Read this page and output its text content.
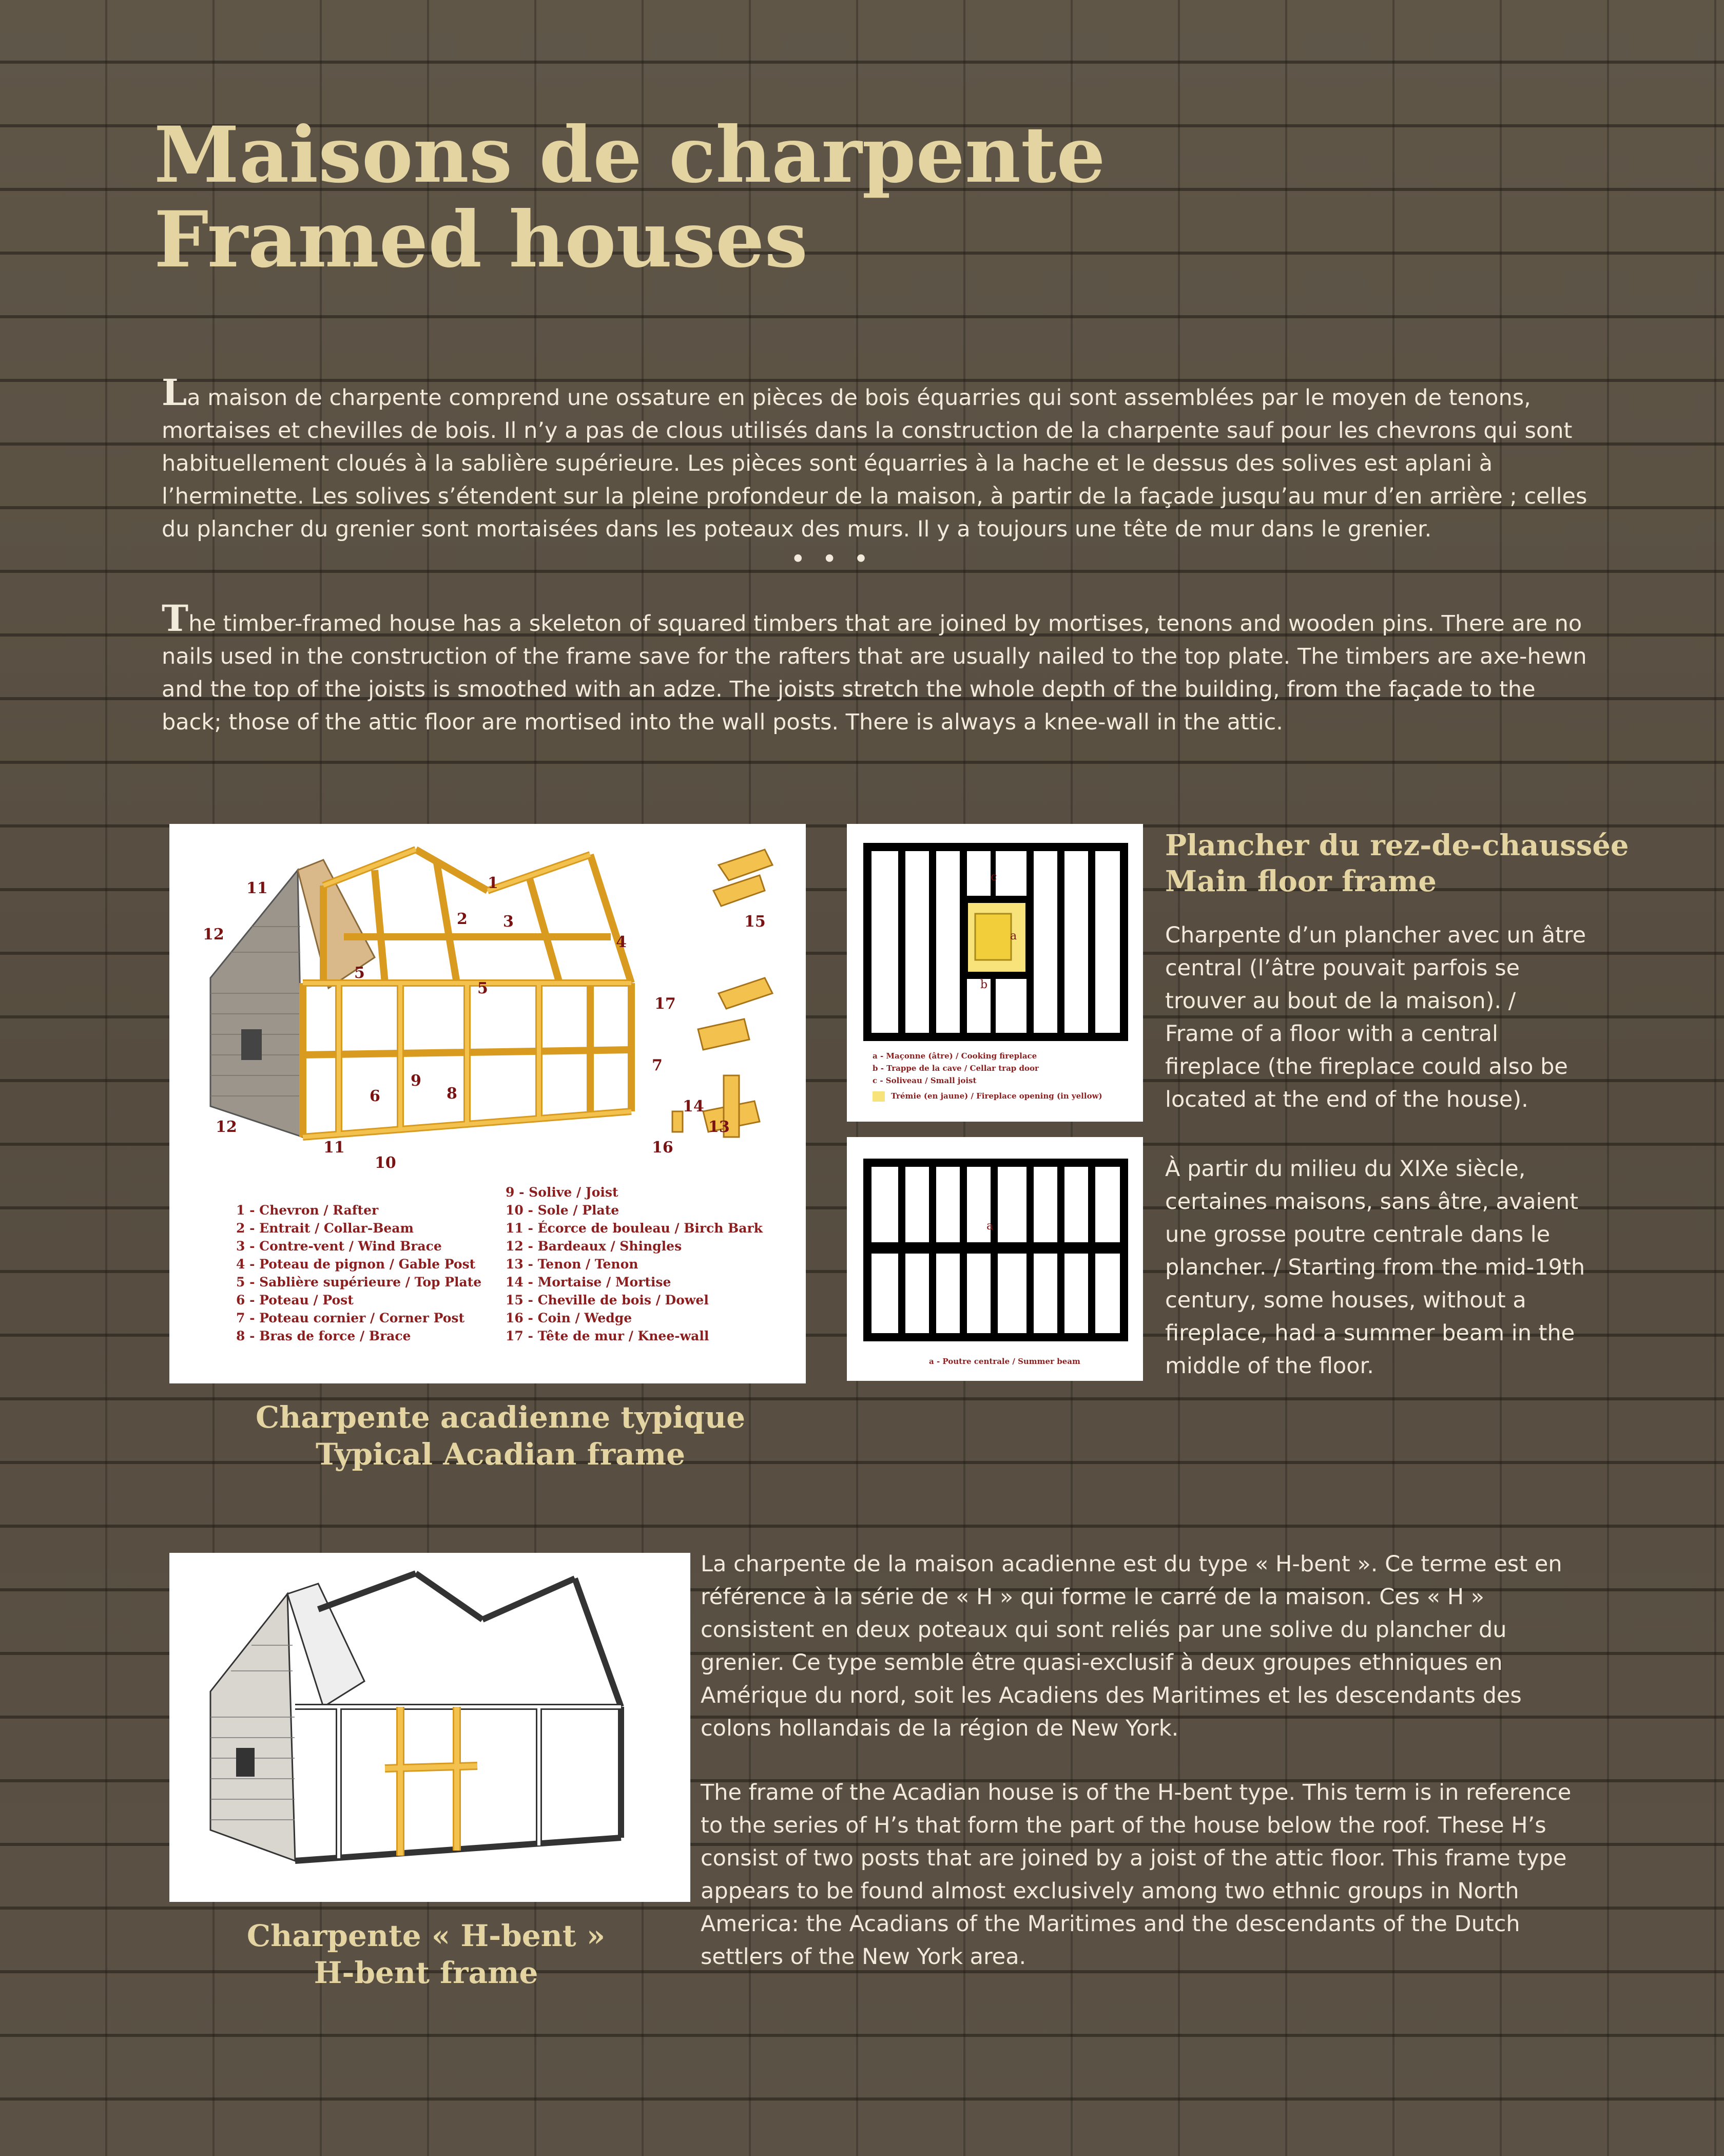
Maisons de charpente
Framed houses

La maison de charpente comprend une ossature en pièces de bois équarries qui sont assemblées par le moyen de tenons, mortaises et chevilles de bois. Il n’y a pas de clous utilisés dans la construction de la charpente sauf pour les chevrons qui sont habituellement cloués à la sablière supérieure. Les pièces sont équarries à la hache et le dessus des solives est aplani à l’herminette. Les solives s’étendent sur la pleine profondeur de la maison, à partir de la façade jusqu’au mur d’en arrière ; celles du plancher du grenier sont mortaisées dans les poteaux des murs. Il y a toujours une tête de mur dans le grenier.

• • •

The timber-framed house has a skeleton of squared timbers that are joined by mortises, tenons and wooden pins. There are no nails used in the construction of the frame save for the rafters that are usually nailed to the top plate. The timbers are axe-hewn and the top of the joists is smoothed with an adze. The joists stretch the whole depth of the building, from the façade to the back; those of the attic floor are mortised into the wall posts. There is always a knee-wall in the attic.

1
2 3
4
5
5
6
7
8
9
10
11
11
12
12
17
15
14
13
16
1 - Chevron / Rafter
2 - Entrait / Collar-Beam
3 - Contre-vent / Wind Brace
4 - Poteau de pignon / Gable Post
5 - Sablière supérieure / Top Plate
6 - Poteau / Post
7 - Poteau cornier / Corner Post
8 - Bras de force / Brace
9 - Solive / Joist
10 - Sole / Plate
11 - Écorce de bouleau / Birch Bark
12 - Bardeaux / Shingles
13 - Tenon / Tenon
14 - Mortaise / Mortise
15 - Cheville de bois / Dowel
16 - Coin / Wedge
17 - Tête de mur / Knee-wall
Charpente acadienne typique
Typical Acadian frame
a
b
c
a - Maçonne (âtre) / Cooking fireplace
b - Trappe de la cave / Cellar trap door
c - Soliveau / Small joist
Trémie (en jaune) / Fireplace opening (in yellow)
a
a - Poutre centrale / Summer beam
Plancher du rez-de-chaussée
Main floor frame

Charpente d’un plancher avec un âtre central (l’âtre pouvait parfois se trouver au bout de la maison). / Frame of a floor with a central fireplace (the fireplace could also be located at the end of the house).

À partir du milieu du XIXe siècle, certaines maisons, sans âtre, avaient une grosse poutre centrale dans le plancher. / Starting from the mid-19th century, some houses, without a fireplace, had a summer beam in the middle of the floor.

Charpente « H-bent »
H-bent frame

La charpente de la maison acadienne est du type « H-bent ». Ce terme est en référence à la série de « H » qui forme le carré de la maison. Ces « H » consistent en deux poteaux qui sont reliés par une solive du plancher du grenier. Ce type semble être quasi-exclusif à deux groupes ethniques en Amérique du nord, soit les Acadiens des Maritimes et les descendants des colons hollandais de la région de New York.

The frame of the Acadian house is of the H-bent type. This term is in reference to the series of H’s that form the part of the house below the roof. These H’s consist of two posts that are joined by a joist of the attic floor. This frame type appears to be found almost exclusively among two ethnic groups in North America: the Acadians of the Maritimes and the descendants of the Dutch settlers of the New York area.
